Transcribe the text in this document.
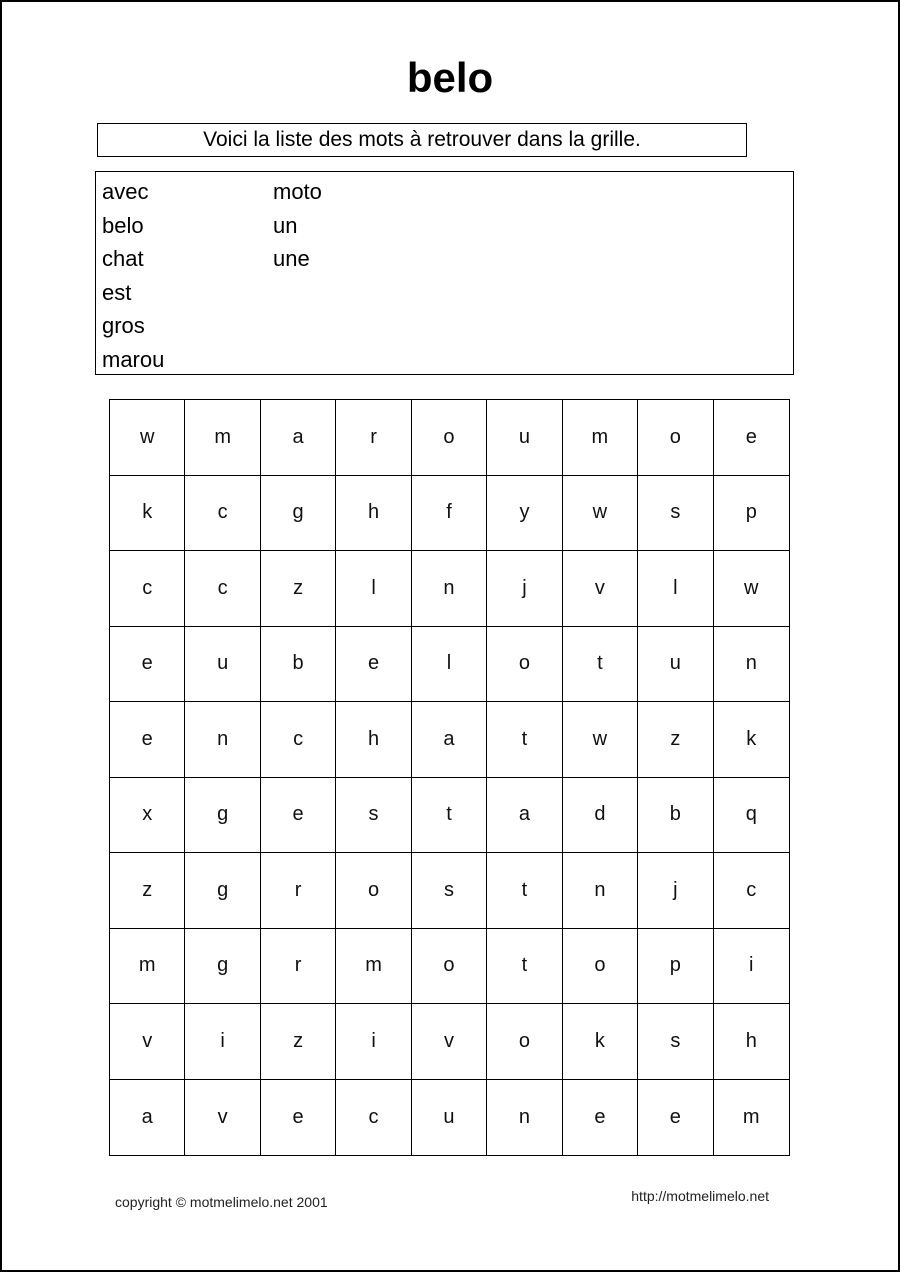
belo
Voici la liste des mots à retrouver dans la grille.
avec
belo
chat
est
gros
marou
moto
un
une
w	m	a	r	o	u	m	o	e
k	c	g	h	f	y	w	s	p
c	c	z	l	n	j	v	l	w
e	u	b	e	l	o	t	u	n
e	n	c	h	a	t	w	z	k
x	g	e	s	t	a	d	b	q
z	g	r	o	s	t	n	j	c
m	g	r	m	o	t	o	p	i
v	i	z	i	v	o	k	s	h
a	v	e	c	u	n	e	e	m
copyright © motmelimelo.net 2001	http://motmelimelo.net
